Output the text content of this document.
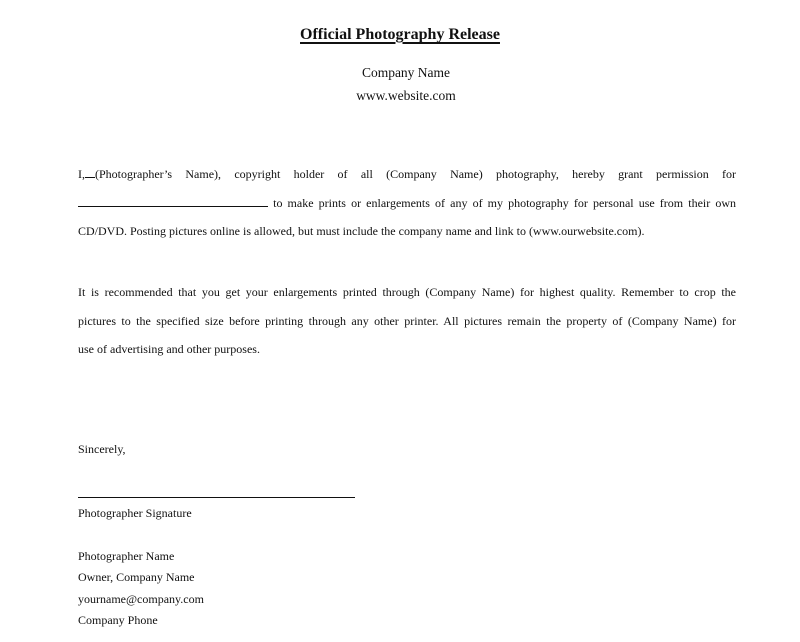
Official Photography Release
Company Name
www.website.com
I, (Photographer’s Name), copyright holder of all (Company Name) photography, hereby grant permission for
to make prints or enlargements of any of my photography for personal use from their own
CD/DVD. Posting pictures online is allowed, but must include the company name and link to (www.ourwebsite.com).
It is recommended that you get your enlargements printed through (Company Name) for highest quality. Remember to crop the
pictures to the specified size before printing through any other printer. All pictures remain the property of (Company Name) for
use of advertising and other purposes.
Sincerely,
Photographer Signature
Photographer Name
Owner, Company Name
yourname@company.com
Company Phone
